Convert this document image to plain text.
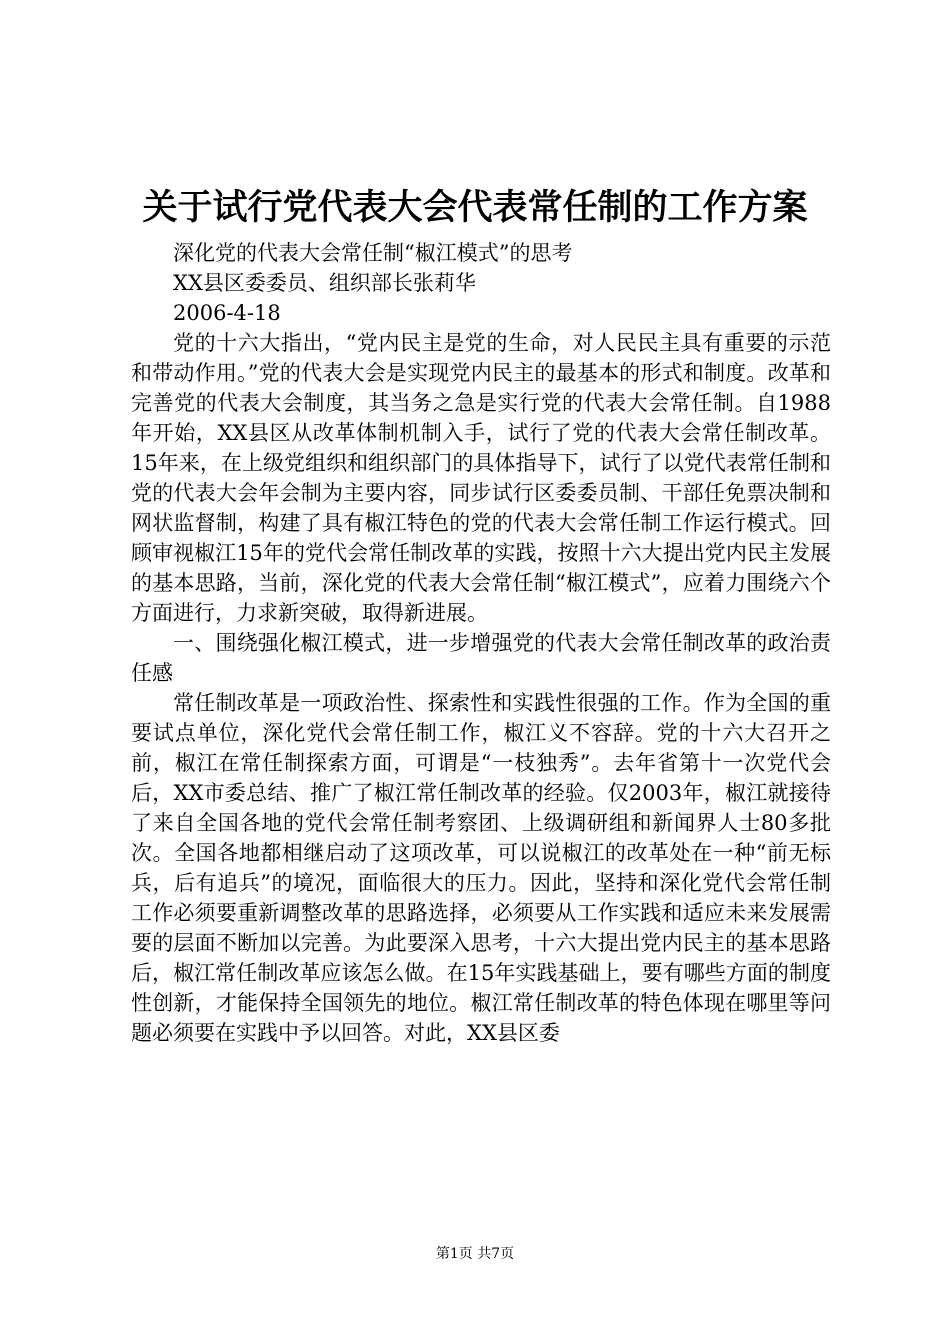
关于试行党代表大会代表常任制的工作方案

深化党的代表大会常任制“椒江模式”的思考

XX县区委委员、组织部长张莉华

2006-4-18

党的十六大指出，“党内民主是党的生命，对人民民主具有重要的示范和带动作用。”党的代表大会是实现党内民主的最基本的形式和制度。改革和完善党的代表大会制度，其当务之急是实行党的代表大会常任制。自1988年开始，XX县区从改革体制机制入手，试行了党的代表大会常任制改革。15年来，在上级党组织和组织部门的具体指导下，试行了以党代表常任制和党的代表大会年会制为主要内容，同步试行区委委员制、干部任免票决制和网状监督制，构建了具有椒江特色的党的代表大会常任制工作运行模式。回顾审视椒江15年的党代会常任制改革的实践，按照十六大提出党内民主发展的基本思路，当前，深化党的代表大会常任制“椒江模式”，应着力围绕六个方面进行，力求新突破，取得新进展。

一、围绕强化椒江模式，进一步增强党的代表大会常任制改革的政治责任感

常任制改革是一项政治性、探索性和实践性很强的工作。作为全国的重要试点单位，深化党代会常任制工作，椒江义不容辞。党的十六大召开之前，椒江在常任制探索方面，可谓是“一枝独秀”。去年省第十一次党代会后，XX市委总结、推广了椒江常任制改革的经验。仅2003年，椒江就接待了来自全国各地的党代会常任制考察团、上级调研组和新闻界人士80多批次。全国各地都相继启动了这项改革，可以说椒江的改革处在一种“前无标兵，后有追兵”的境况，面临很大的压力。因此，坚持和深化党代会常任制工作必须要重新调整改革的思路选择，必须要从工作实践和适应未来发展需要的层面不断加以完善。为此要深入思考，十六大提出党内民主的基本思路后，椒江常任制改革应该怎么做。在15年实践基础上，要有哪些方面的制度性创新，才能保持全国领先的地位。椒江常任制改革的特色体现在哪里等问题必须要在实践中予以回答。对此，XX县区委

第1页 共7页
